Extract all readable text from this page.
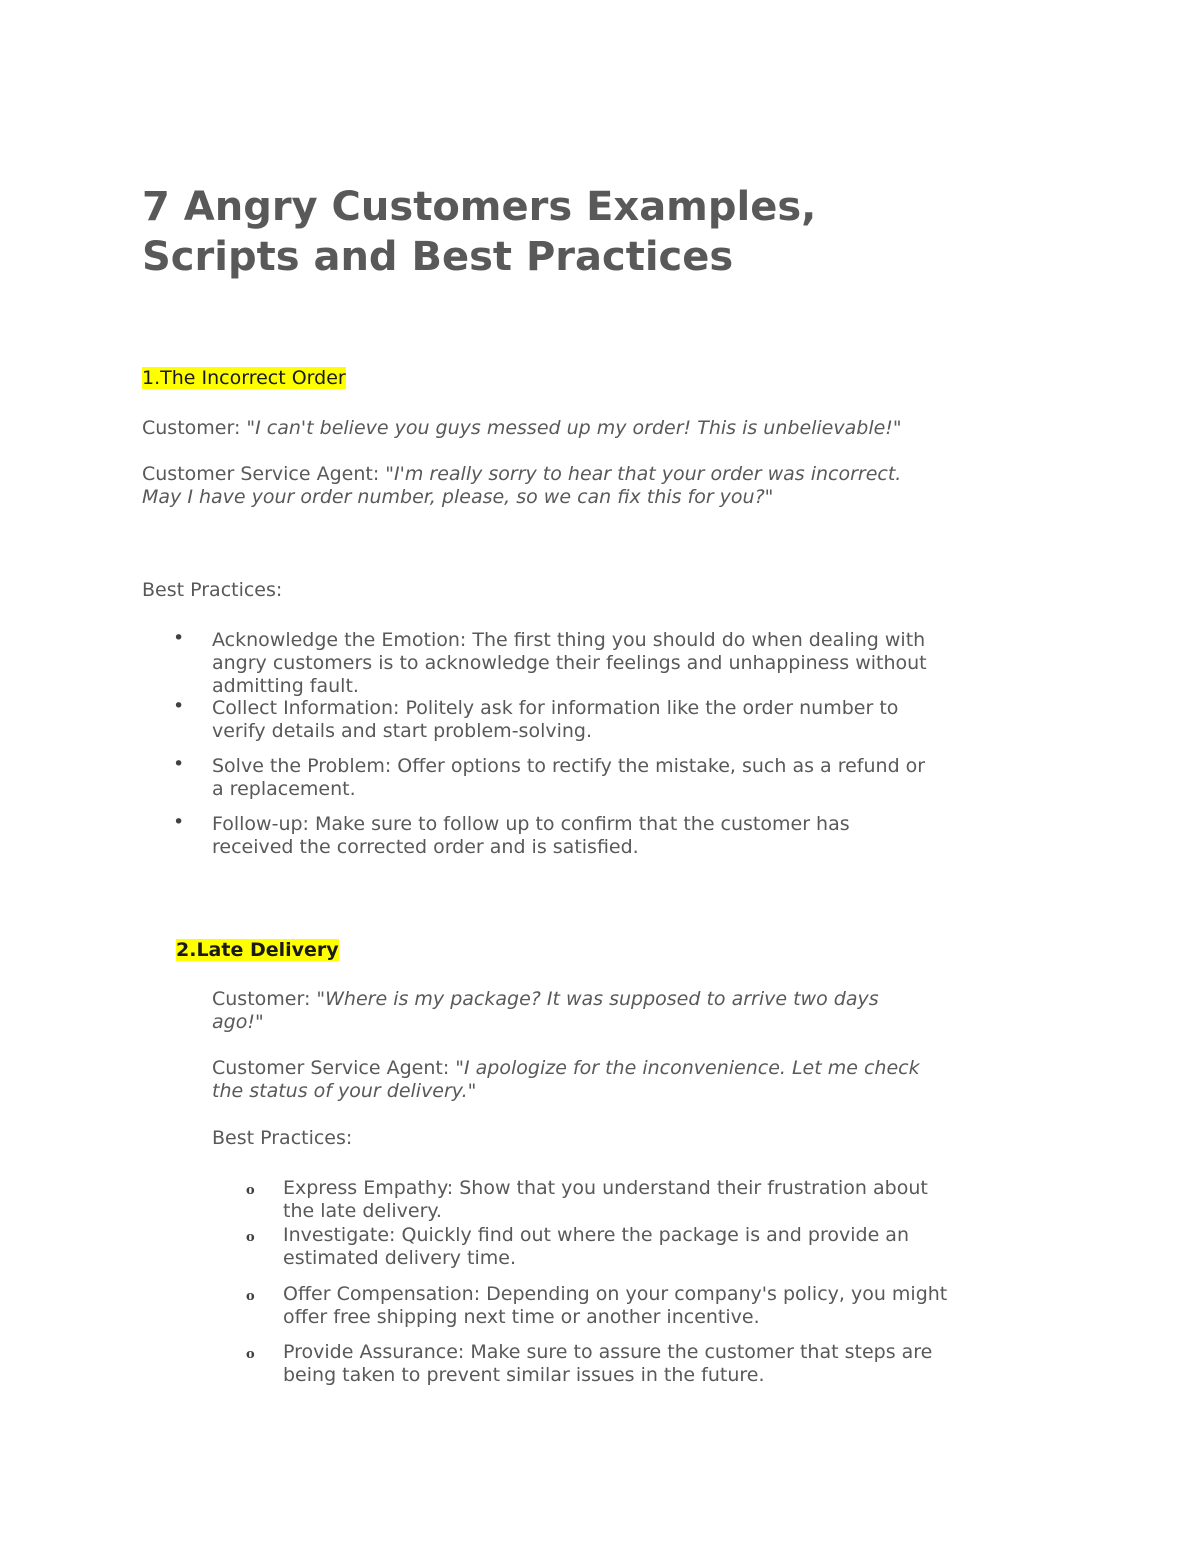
7 Angry Customers Examples,
Scripts and Best Practices
1.The Incorrect Order
Customer: "I can't believe you guys messed up my order! This is unbelievable!"
Customer Service Agent: "I'm really sorry to hear that your order was incorrect.
May I have your order number, please, so we can fix this for you?"
Best Practices:
• Acknowledge the Emotion: The first thing you should do when dealing with
angry customers is to acknowledge their feelings and unhappiness without
admitting fault.
• Collect Information: Politely ask for information like the order number to
verify details and start problem-solving.
• Solve the Problem: Offer options to rectify the mistake, such as a refund or
a replacement.
• Follow-up: Make sure to follow up to confirm that the customer has
received the corrected order and is satisfied.
2.Late Delivery
Customer: "Where is my package? It was supposed to arrive two days
ago!"
Customer Service Agent: "I apologize for the inconvenience. Let me check
the status of your delivery."
Best Practices:
o Express Empathy: Show that you understand their frustration about
the late delivery.
o Investigate: Quickly find out where the package is and provide an
estimated delivery time.
o Offer Compensation: Depending on your company's policy, you might
offer free shipping next time or another incentive.
o Provide Assurance: Make sure to assure the customer that steps are
being taken to prevent similar issues in the future.
